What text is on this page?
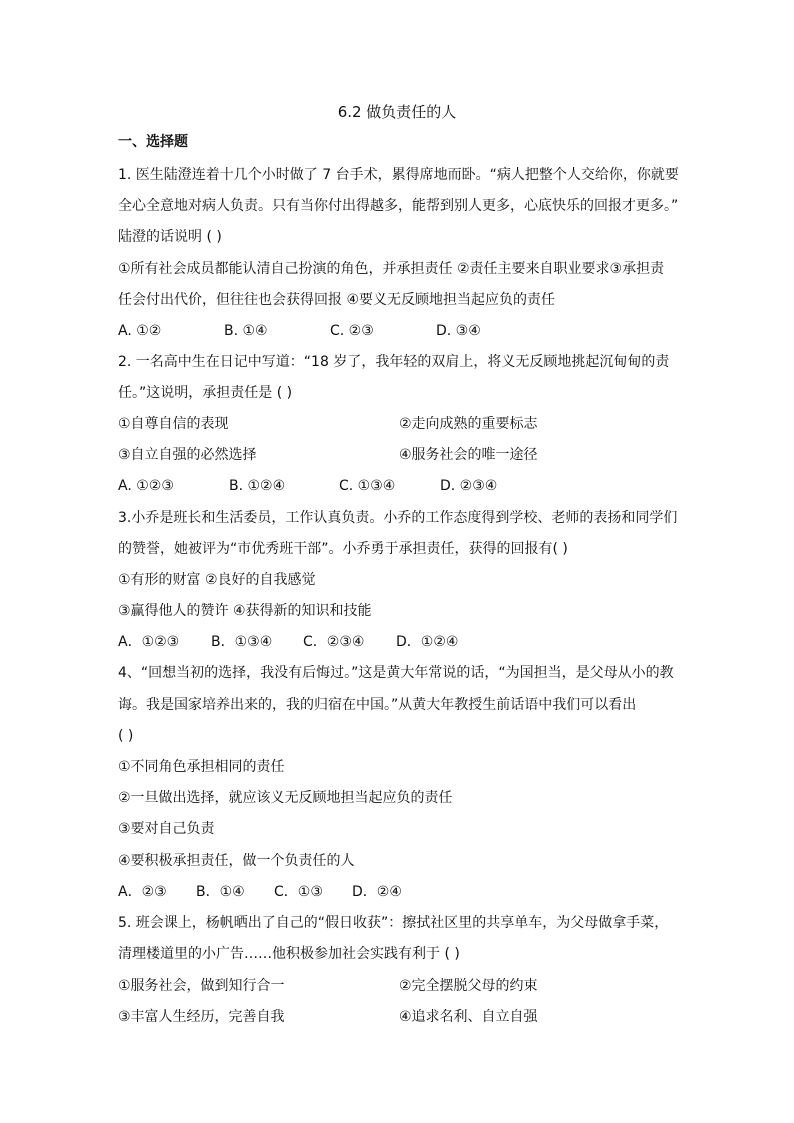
6.2 做负责任的人
一、选择题
1. 医生陆澄连着十几个小时做了 7 台手术，累得席地而卧。“病人把整个人交给你，你就要
全心全意地对病人负责。只有当你付出得越多，能帮到别人更多，心底快乐的回报才更多。”
陆澄的话说明 ( )
①所有社会成员都能认清自己扮演的角色，并承担责任 ②责任主要来自职业要求③承担责
任会付出代价，但往往也会获得回报 ④要义无反顾地担当起应负的责任
A. ①②	B. ①④	C. ②③	D. ③④
2. 一名高中生在日记中写道：“18 岁了，我年轻的双肩上，将义无反顾地挑起沉甸甸的责
任。”这说明，承担责任是 ( )
①自尊自信的表现	②走向成熟的重要标志
③自立自强的必然选择	④服务社会的唯一途径
A. ①②③	B. ①②④	C. ①③④	D. ②③④
3.小乔是班长和生活委员，工作认真负责。小乔的工作态度得到学校、老师的表扬和同学们
的赞誉，她被评为“市优秀班干部”。小乔勇于承担责任，获得的回报有( )
①有形的财富 ②良好的自我感觉
③赢得他人的赞许 ④获得新的知识和技能
A．①②③ B．①③④ C．②③④ D．①②④
4、“回想当初的选择，我没有后悔过。”这是黄大年常说的话，“为国担当，是父母从小的教
诲。我是国家培养出来的，我的归宿在中国。”从黄大年教授生前话语中我们可以看出
( )
①不同角色承担相同的责任
②一旦做出选择，就应该义无反顾地担当起应负的责任
③要对自己负责
④要积极承担责任，做一个负责任的人
A．②③ B．①④ C．①③ D．②④
5. 班会课上，杨帆晒出了自己的“假日收获”：擦拭社区里的共享单车，为父母做拿手菜，
清理楼道里的小广告……他积极参加社会实践有利于 ( )
①服务社会，做到知行合一	②完全摆脱父母的约束
③丰富人生经历，完善自我	④追求名利、自立自强
